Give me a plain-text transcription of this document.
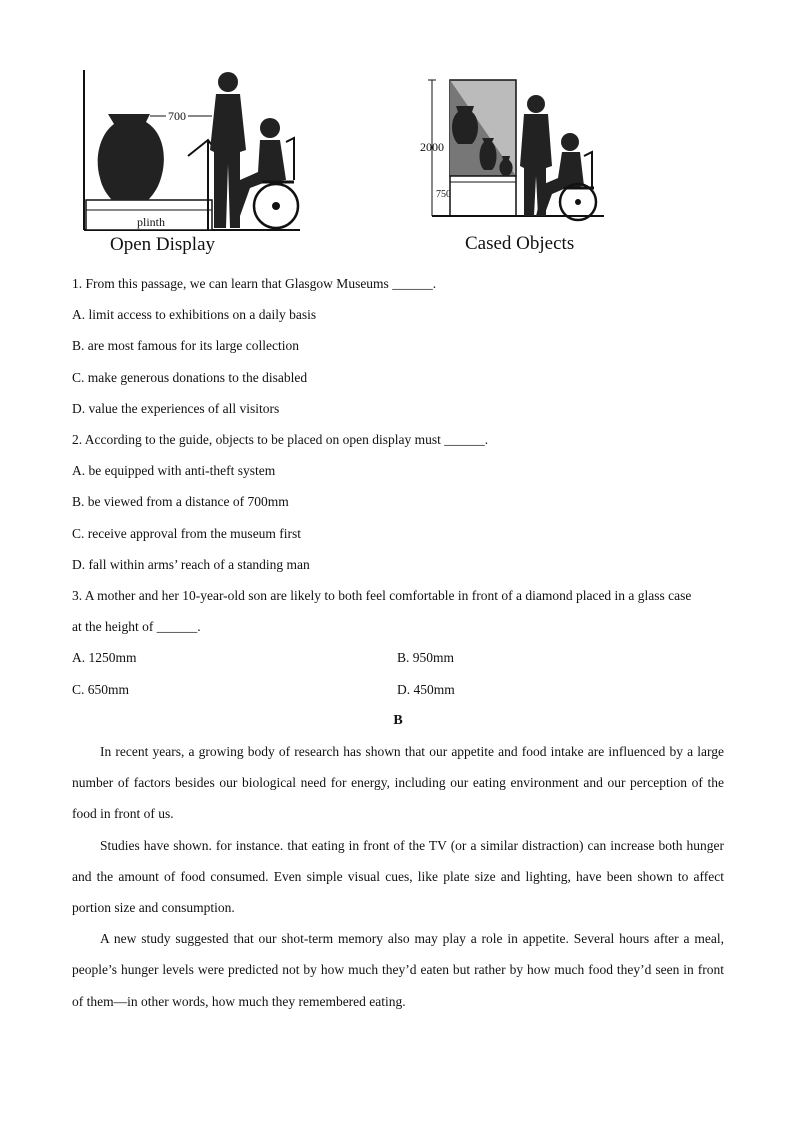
700
plinth
Open Display
2000
750
Cased Objects
1. From this passage, we can learn that Glasgow Museums ______.
A. limit access to exhibitions on a daily basis
B. are most famous for its large collection
C. make generous donations to the disabled
D. value the experiences of all visitors
2. According to the guide, objects to be placed on open display must ______.
A. be equipped with anti-theft system
B. be viewed from a distance of 700mm
C. receive approval from the museum first
D. fall within arms’ reach of a standing man
3. A mother and her 10-year-old son are likely to both feel comfortable in front of a diamond placed in a glass case
at the height of ______.
A. 1250mm	B. 950mm
C. 650mm	D. 450mm
B
In recent years, a growing body of research has shown that our appetite and food intake are influenced by a large number of factors besides our biological need for energy, including our eating environment and our perception of the food in front of us.
Studies have shown. for instance. that eating in front of the TV (or a similar distraction) can increase both hunger and the amount of food consumed. Even simple visual cues, like plate size and lighting, have been shown to affect portion size and consumption.
A new study suggested that our shot-term memory also may play a role in appetite. Several hours after a meal, people’s hunger levels were predicted not by how much they’d eaten but rather by how much food they’d seen in front of them—in other words, how much they remembered eating.
